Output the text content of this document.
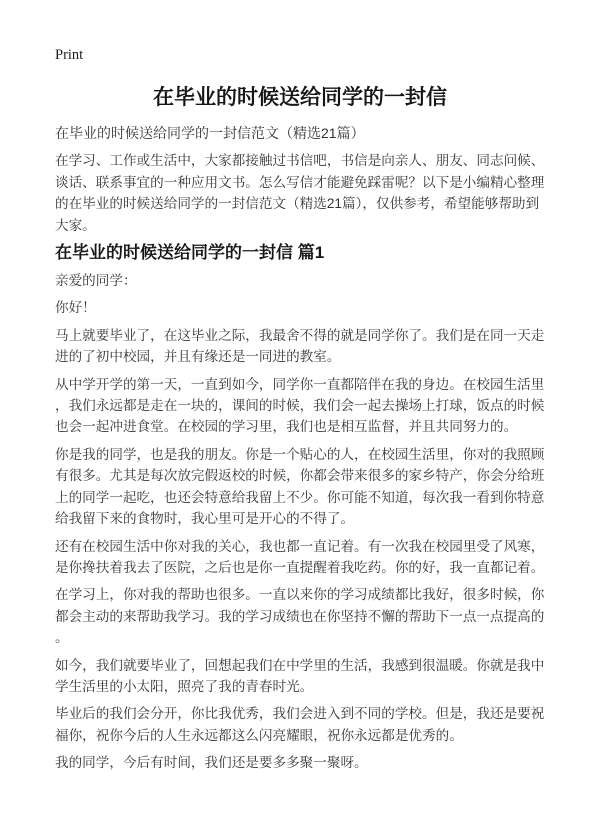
Print
在毕业的时候送给同学的一封信

在毕业的时候送给同学的一封信范文（精选21篇）

在学习、工作或生活中，大家都接触过书信吧，书信是向亲人、朋友、同志问候、谈话、联系事宜的一种应用文书。怎么写信才能避免踩雷呢？以下是小编精心整理的在毕业的时候送给同学的一封信范文（精选21篇），仅供参考，希望能够帮助到大家。

在毕业的时候送给同学的一封信 篇1

亲爱的同学：

你好！

马上就要毕业了，在这毕业之际，我最舍不得的就是同学你了。我们是在同一天走进的了初中校园，并且有缘还是一同进的教室。

从中学开学的第一天，一直到如今，同学你一直都陪伴在我的身边。在校园生活里，我们永远都是走在一块的，课间的时候，我们会一起去操场上打球，饭点的时候也会一起冲进食堂。在校园的学习里，我们也是相互监督，并且共同努力的。

你是我的同学，也是我的朋友。你是一个贴心的人，在校园生活里，你对的我照顾有很多。尤其是每次放完假返校的时候，你都会带来很多的家乡特产，你会分给班上的同学一起吃，也还会特意给我留上不少。你可能不知道，每次我一看到你特意给我留下来的食物时，我心里可是开心的不得了。

还有在校园生活中你对我的关心，我也都一直记着。有一次我在校园里受了风寒，是你搀扶着我去了医院，之后也是你一直提醒着我吃药。你的好，我一直都记着。

在学习上，你对我的帮助也很多。一直以来你的学习成绩都比我好，很多时候，你都会主动的来帮助我学习。我的学习成绩也在你坚持不懈的帮助下一点一点提高的。

如今，我们就要毕业了，回想起我们在中学里的生活，我感到很温暖。你就是我中学生活里的小太阳，照亮了我的青春时光。

毕业后的我们会分开，你比我优秀，我们会进入到不同的学校。但是，我还是要祝福你，祝你今后的人生永远都这么闪亮耀眼，祝你永远都是优秀的。

我的同学，今后有时间，我们还是要多多聚一聚呀。
